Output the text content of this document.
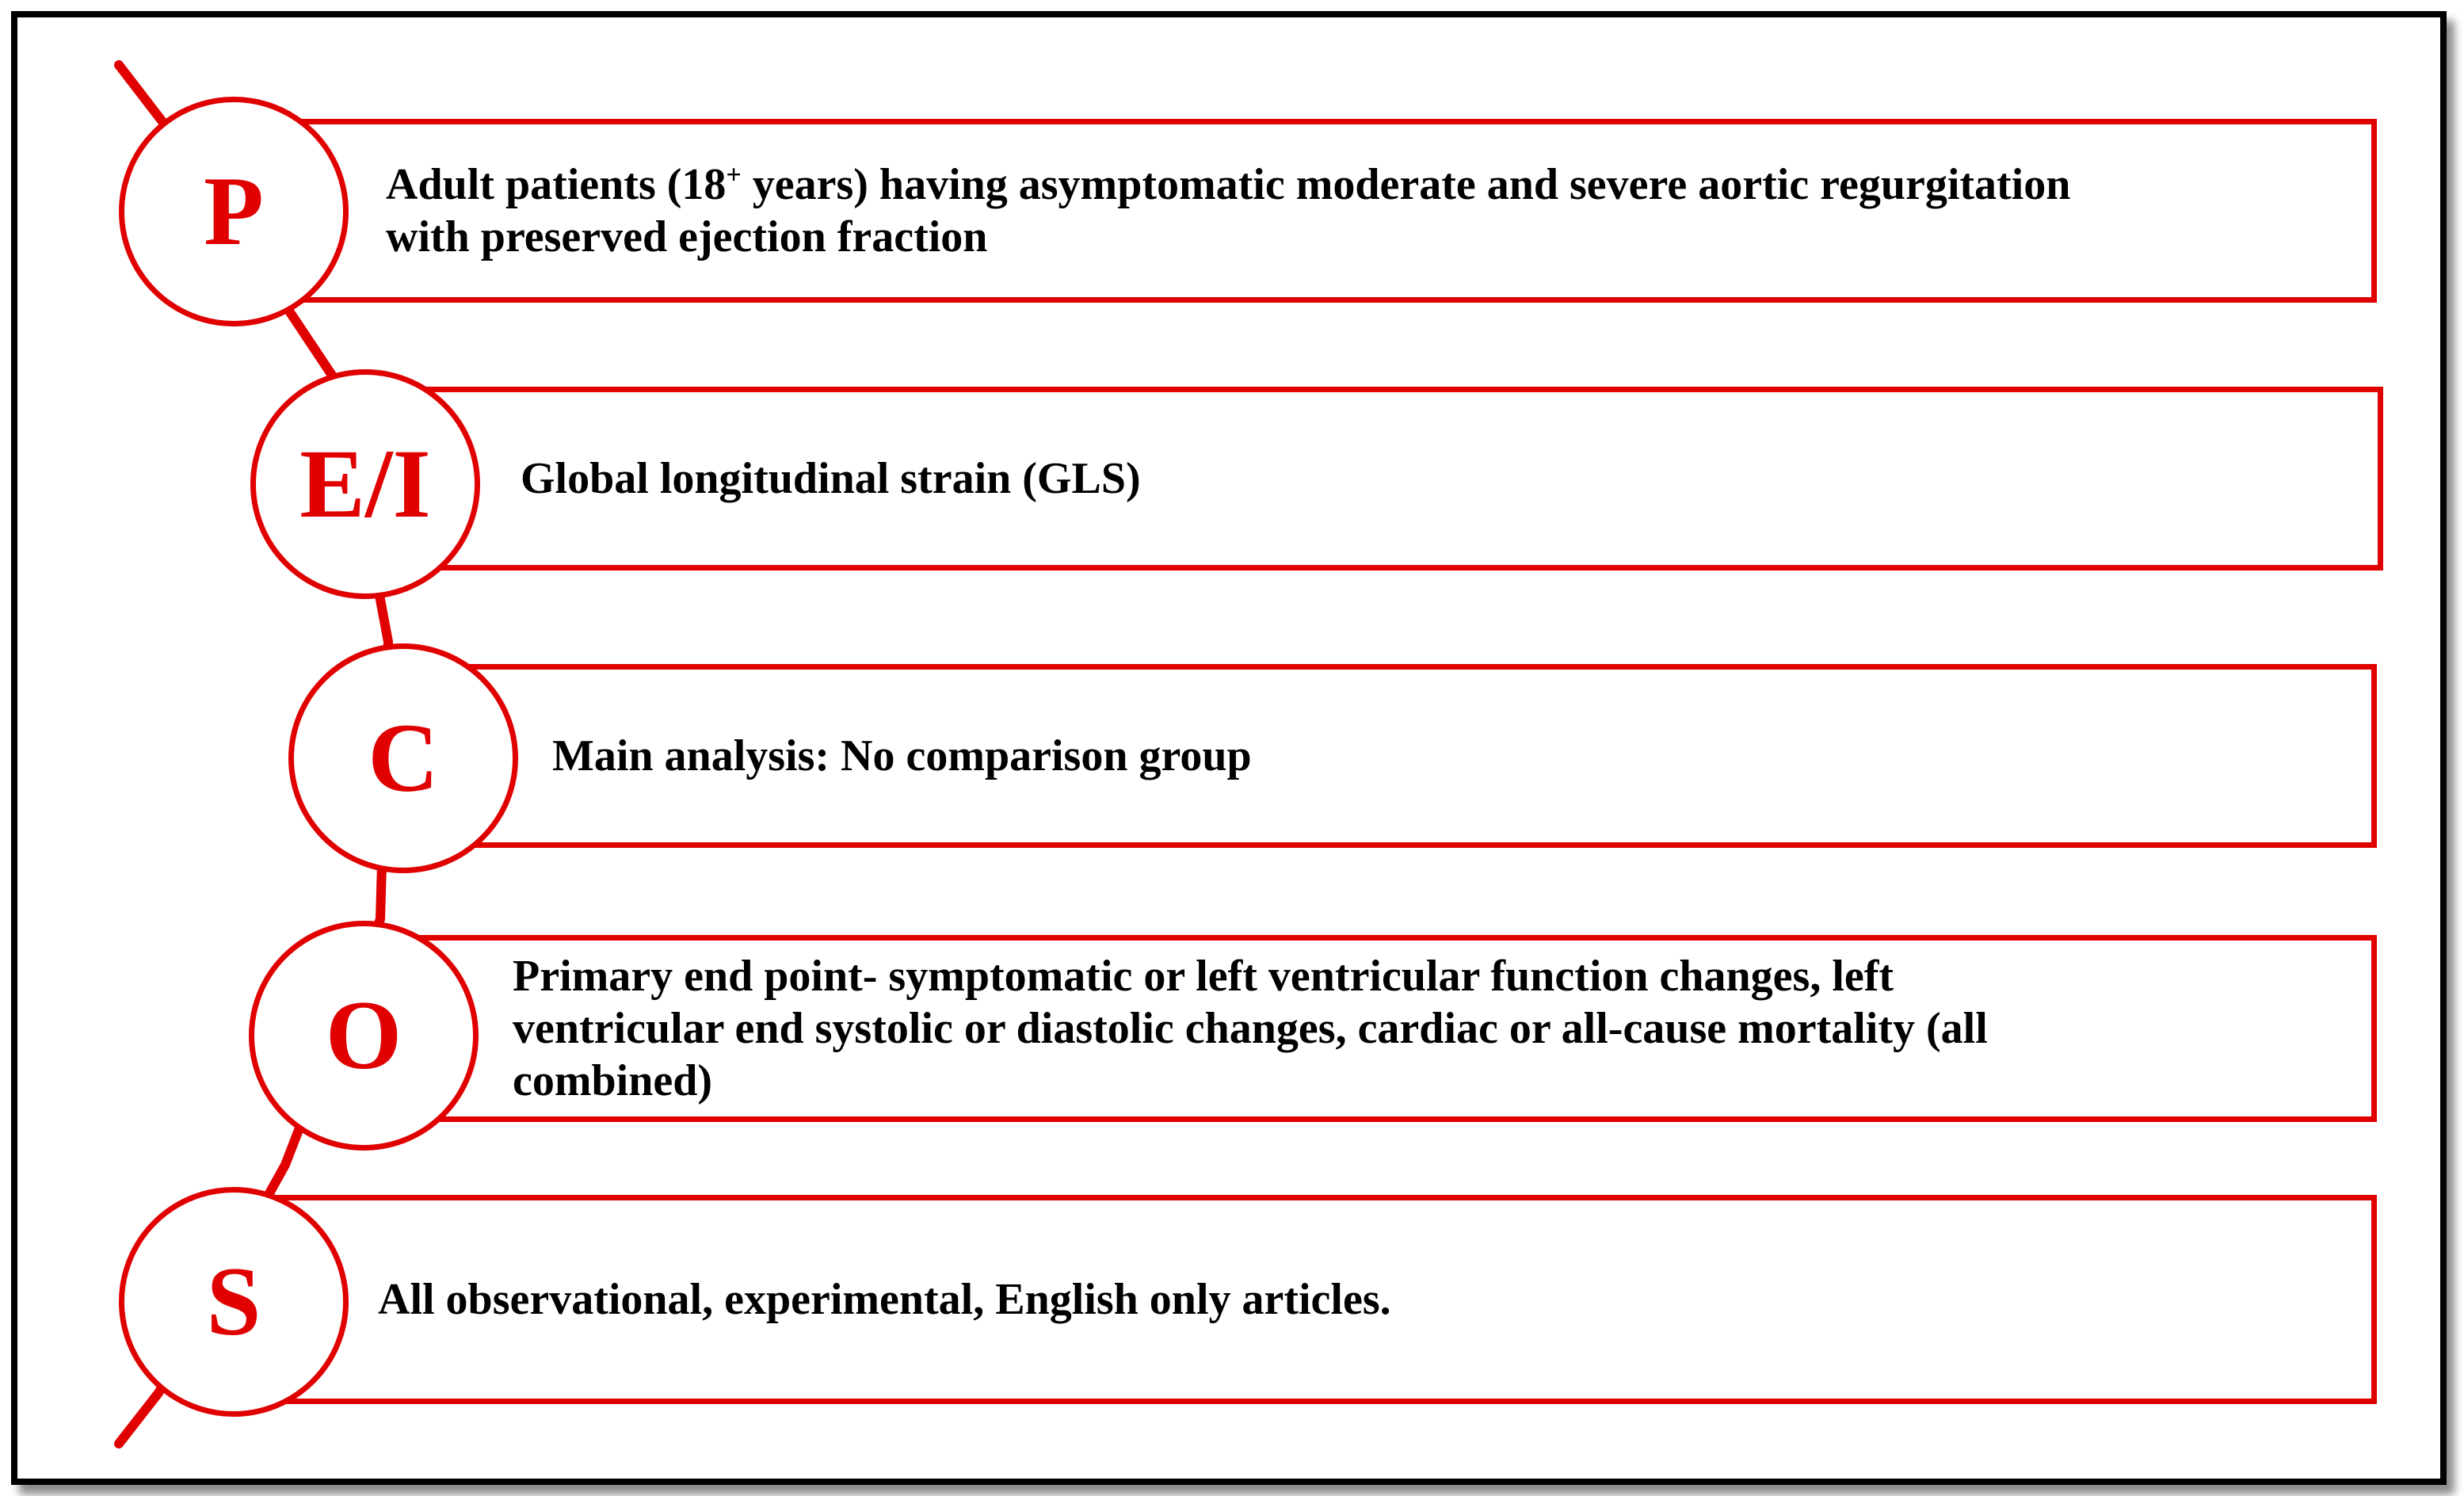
Adult patients (18+ years) having asymptomatic moderate and severe aortic regurgitation
with preserved ejection fraction
P
Global longitudinal strain (GLS)
E/I
Main analysis: No comparison group
C
Primary end point- symptomatic or left ventricular function changes, left
ventricular end systolic or diastolic changes, cardiac or all-cause mortality (all
combined)
O
All observational, experimental, English only articles.
S
